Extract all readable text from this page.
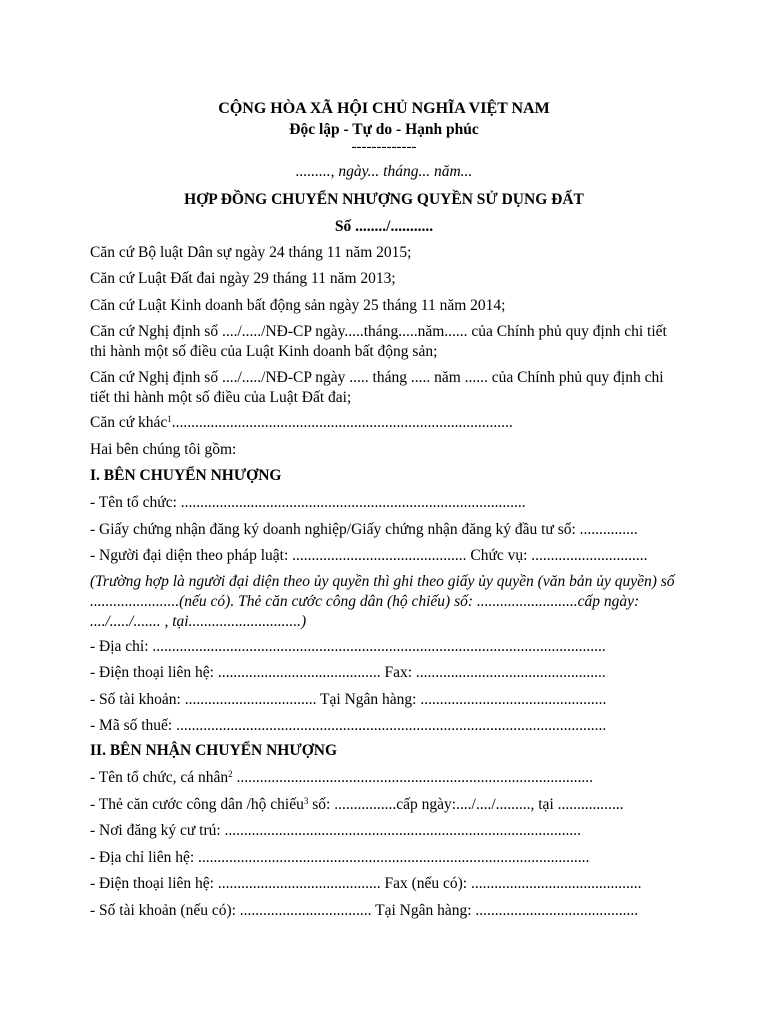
CỘNG HÒA XÃ HỘI CHỦ NGHĨA VIỆT NAM
Độc lập - Tự do - Hạnh phúc
-------------
........., ngày... tháng... năm...
HỢP ĐỒNG CHUYỂN NHƯỢNG QUYỀN SỬ DỤNG ĐẤT
Số ......../...........
Căn cứ Bộ luật Dân sự ngày 24 tháng 11 năm 2015;
Căn cứ Luật Đất đai ngày 29 tháng 11 năm 2013;
Căn cứ Luật Kinh doanh bất động sản ngày 25 tháng 11 năm 2014;
Căn cứ Nghị định số ..../...../NĐ-CP ngày.....tháng.....năm...... của Chính phủ quy định chi tiết thi hành một số điều của Luật Kinh doanh bất động sản;
Căn cứ Nghị định số ..../...../NĐ-CP ngày ..... tháng ..... năm ...... của Chính phủ quy định chi tiết thi hành một số điều của Luật Đất đai;
Căn cứ khác$^1$........................................................................................
Hai bên chúng tôi gồm:
I. BÊN CHUYỂN NHƯỢNG
- Tên tổ chức: .........................................................................................
- Giấy chứng nhận đăng ký doanh nghiệp/Giấy chứng nhận đăng ký đầu tư số: ...............
- Người đại diện theo pháp luật: ............................................. Chức vụ: ..............................
(Trường hợp là người đại diện theo ủy quyền thì ghi theo giấy ủy quyền (văn bản ủy quyền) số .......................(nếu có). Thẻ căn cước công dân (hộ chiếu) số: ..........................cấp ngày: ..../...../....... , tại.............................)
- Địa chỉ: .....................................................................................................................
- Điện thoại liên hệ: .......................................... Fax: .................................................
- Số tài khoản: .................................. Tại Ngân hàng: ................................................
- Mã số thuế: ...............................................................................................................
II. BÊN NHẬN CHUYỂN NHƯỢNG
- Tên tổ chức, cá nhân$^2$ ............................................................................................
- Thẻ căn cước công dân /hộ chiếu$^3$ số: ................cấp ngày:..../..../........., tại .................
- Nơi đăng ký cư trú: ............................................................................................
- Địa chỉ liên hệ: .....................................................................................................
- Điện thoại liên hệ: .......................................... Fax (nếu có): ............................................
- Số tài khoản (nếu có): .................................. Tại Ngân hàng: ..........................................
